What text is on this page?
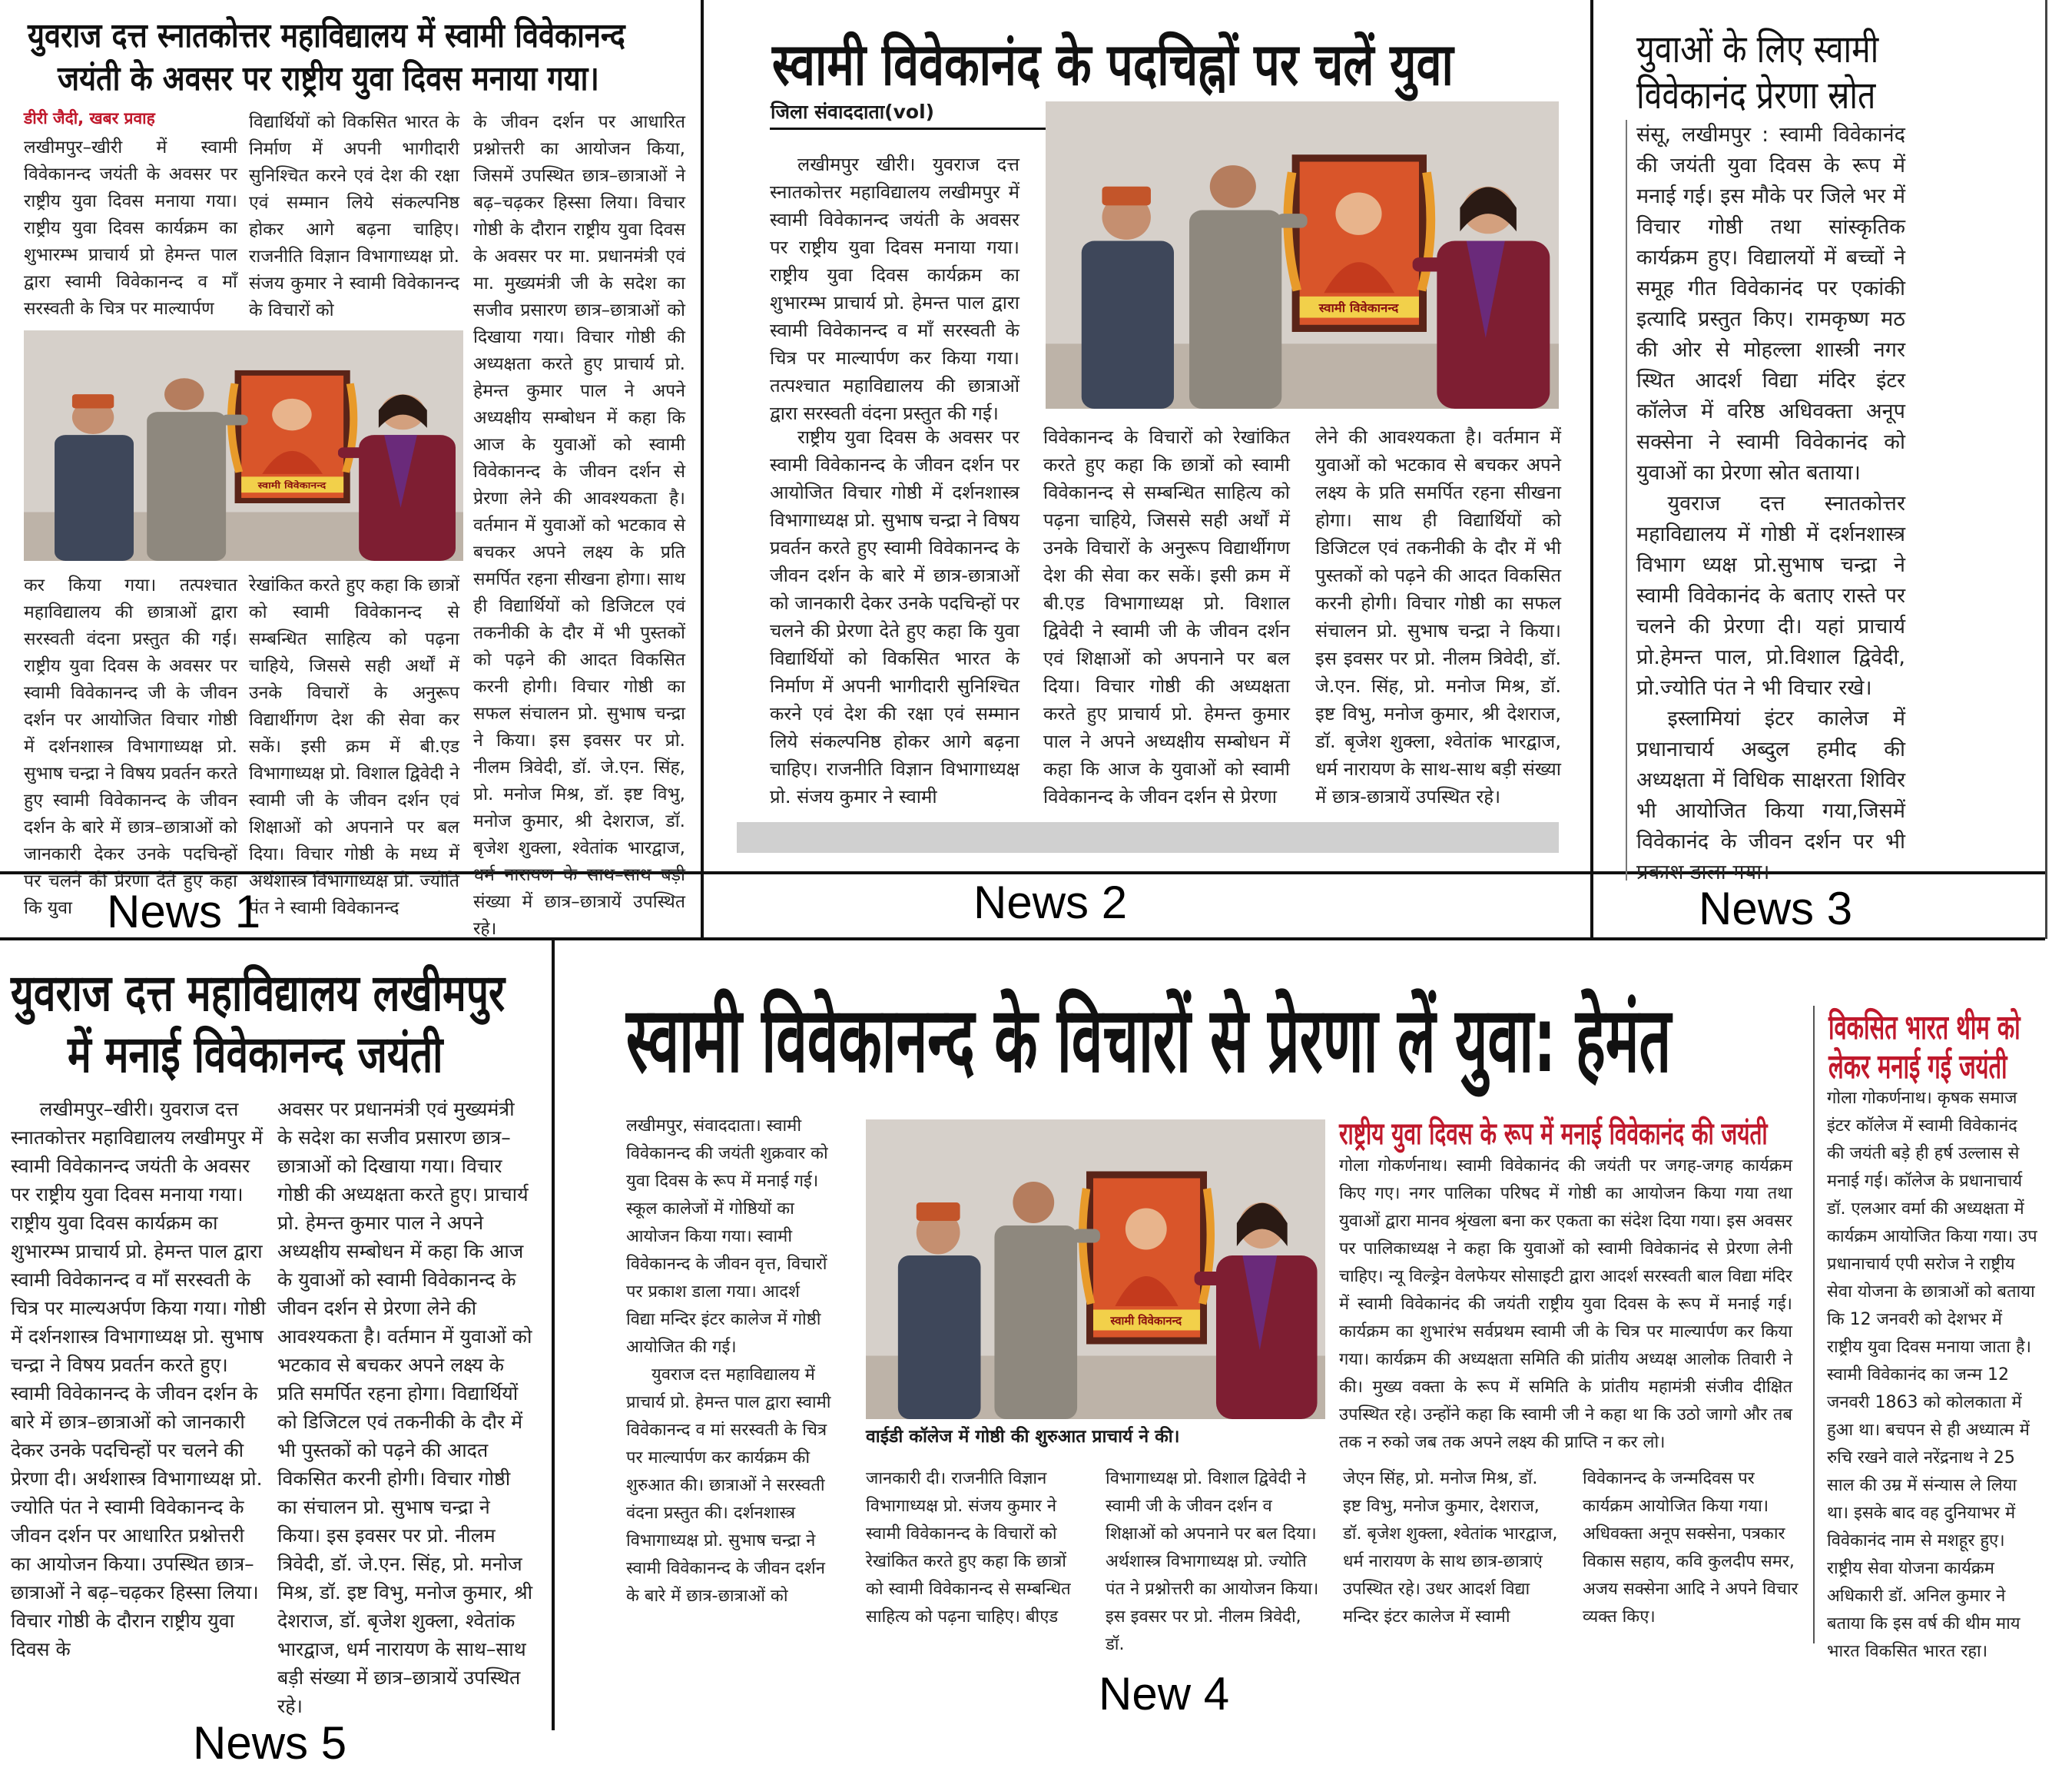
युवराज दत्त स्नातकोत्तर महाविद्यालय में स्वामी विवेकानन्द
जयंती के अवसर पर राष्ट्रीय युवा दिवस मनाया गया।
डीरी जैदी, खबर प्रवाह
लखीमपुर–खीरी में स्वामी विवेकानन्द जयंती के अवसर पर राष्ट्रीय युवा दिवस मनाया गया। राष्ट्रीय युवा दिवस कार्यक्रम का शुभारम्भ प्राचार्य प्रो हेमन्त पाल द्वारा स्वामी विवेकानन्द व माँ सरस्वती के चित्र पर माल्यार्पण
विद्यार्थियों को विकसित भारत के निर्माण में अपनी भागीदारी सुनिश्चित करने एवं देश की रक्षा एवं सम्मान लिये संकल्पनिष्ठ होकर आगे बढ़ना चाहिए। राजनीति विज्ञान विभागाध्यक्ष प्रो. संजय कुमार ने स्वामी विवेकानन्द के विचारों को
के जीवन दर्शन पर आधारित प्रश्नोत्तरी का आयोजन किया, जिसमें उपस्थित छात्र–छात्राओं ने बढ़–चढ़कर हिस्सा लिया। विचार गोष्ठी के दौरान राष्ट्रीय युवा दिवस के अवसर पर मा. प्रधानमंत्री एवं मा. मुख्यमंत्री जी के सदेश का सजीव प्रसारण छात्र–छात्राओं को दिखाया गया। विचार गोष्ठी की अध्यक्षता करते हुए प्राचार्य प्रो. हेमन्त कुमार पाल ने अपने अध्यक्षीय सम्बोधन में कहा कि आज के युवाओं को स्वामी विवेकानन्द के जीवन दर्शन से प्रेरणा लेने की आवश्यकता है। वर्तमान में युवाओं को भटकाव से बचकर अपने लक्ष्य के प्रति समर्पित रहना सीखना होगा। साथ ही विद्यार्थियों को डिजिटल एवं तकनीकी के दौर में भी पुस्तकों को पढ़ने की आदत विकसित करनी होगी। विचार गोष्ठी का सफल संचालन प्रो. सुभाष चन्द्रा ने किया। इस इवसर पर प्रो. नीलम त्रिवेदी, डॉ. जे.एन. सिंह, प्रो. मनोज मिश्र, डॉ. इष्ट विभु, मनोज कुमार, श्री देशराज, डॉ. बृजेश शुक्ला, श्वेतांक भारद्वाज, धर्म नारायण के साथ–साथ बड़ी संख्या में छात्र–छात्रायें उपस्थित रहे।
स्वामी विवेकानन्द
कर किया गया। तत्पश्चात महाविद्यालय की छात्राओं द्वारा सरस्वती वंदना प्रस्तुत की गई। राष्ट्रीय युवा दिवस के अवसर पर स्वामी विवेकानन्द जी के जीवन दर्शन पर आयोजित विचार गोष्ठी में दर्शनशास्त्र विभागाध्यक्ष प्रो. सुभाष चन्द्रा ने विषय प्रवर्तन करते हुए स्वामी विवेकानन्द के जीवन दर्शन के बारे में छात्र–छात्राओं को जानकारी देकर उनके पदचिन्हों पर चलने की प्रेरणा देते हुए कहा कि युवा
रेखांकित करते हुए कहा कि छात्रों को स्वामी विवेकानन्द से सम्बन्धित साहित्य को पढ़ना चाहिये, जिससे सही अर्थों में उनके विचारों के अनुरूप विद्यार्थीगण देश की सेवा कर सकें। इसी क्रम में बी.एड विभागाध्यक्ष प्रो. विशाल द्विवेदी ने स्वामी जी के जीवन दर्शन एवं शिक्षाओं को अपनाने पर बल दिया। विचार गोष्ठी के मध्य में अर्थशास्त्र विभागाध्यक्ष प्रो. ज्योति पंत ने स्वामी विवेकानन्द
News 1
स्वामी विवेकानंद के पदचिह्नों पर चलें युवा
जिला संवाददाता(vol)
लखीमपुर खीरी। युवराज दत्त स्नातकोत्तर महाविद्यालय लखीमपुर में स्वामी विवेकानन्द जयंती के अवसर पर राष्ट्रीय युवा दिवस मनाया गया।राष्ट्रीय युवा दिवस कार्यक्रम का शुभारम्भ प्राचार्य प्रो. हेमन्त पाल द्वारा स्वामी विवेकानन्द व माँ सरस्वती के चित्र पर माल्यार्पण कर किया गया। तत्पश्चात महाविद्यालय की छात्राओं द्वारा सरस्वती वंदना प्रस्तुत की गई।
स्वामी विवेकानन्द
राष्ट्रीय युवा दिवस के अवसर पर स्वामी विवेकानन्द के जीवन दर्शन पर आयोजित विचार गोष्ठी में दर्शनशास्त्र विभागाध्यक्ष प्रो. सुभाष चन्द्रा ने विषय प्रवर्तन करते हुए स्वामी विवेकानन्द के जीवन दर्शन के बारे में छात्र-छात्राओं को जानकारी देकर उनके पदचिन्हों पर चलने की प्रेरणा देते हुए कहा कि युवा विद्यार्थियों को विकसित भारत के निर्माण में अपनी भागीदारी सुनिश्चित करने एवं देश की रक्षा एवं सम्मान लिये संकल्पनिष्ठ होकर आगे बढ़ना चाहिए। राजनीति विज्ञान विभागाध्यक्ष प्रो. संजय कुमार ने स्वामी
विवेकानन्द के विचारों को रेखांकित करते हुए कहा कि छात्रों को स्वामी विवेकानन्द से सम्बन्धित साहित्य को पढ़ना चाहिये, जिससे सही अर्थों में उनके विचारों के अनुरूप विद्यार्थीगण देश की सेवा कर सकें। इसी क्रम में बी.एड विभागाध्यक्ष प्रो. विशाल द्विवेदी ने स्वामी जी के जीवन दर्शन एवं शिक्षाओं को अपनाने पर बल दिया। विचार गोष्ठी की अध्यक्षता करते हुए प्राचार्य प्रो. हेमन्त कुमार पाल ने अपने अध्यक्षीय सम्बोधन में कहा कि आज के युवाओं को स्वामी विवेकानन्द के जीवन दर्शन से प्रेरणा
लेने की आवश्यकता है। वर्तमान में युवाओं को भटकाव से बचकर अपने लक्ष्य के प्रति समर्पित रहना सीखना होगा। साथ ही विद्यार्थियों को डिजिटल एवं तकनीकी के दौर में भी पुस्तकों को पढ़ने की आदत विकसित करनी होगी। विचार गोष्ठी का सफल संचालन प्रो. सुभाष चन्द्रा ने किया। इस इवसर पर प्रो. नीलम त्रिवेदी, डॉ. जे.एन. सिंह, प्रो. मनोज मिश्र, डॉ. इष्ट विभु, मनोज कुमार, श्री देशराज, डॉ. बृजेश शुक्ला, श्वेतांक भारद्वाज, धर्म नारायण के साथ-साथ बड़ी संख्या में छात्र-छात्रायें उपस्थित रहे।
News 2
युवाओं के लिए स्वामी
विवेकानंद प्रेरणा स्रोत

संसू, लखीमपुर : स्वामी विवेकानंद की जयंती युवा दिवस के रूप में मनाई गई। इस मौके पर जिले भर में विचार गोष्ठी तथा सांस्कृतिक कार्यक्रम हुए। विद्यालयों में बच्चों ने समूह गीत विवेकानंद पर एकांकी इत्यादि प्रस्तुत किए। रामकृष्ण मठ की ओर से मोहल्ला शास्त्री नगर स्थित आदर्श विद्या मंदिर इंटर कॉलेज में वरिष्ठ अधिवक्ता अनूप सक्सेना ने स्वामी विवेकानंद को युवाओं का प्रेरणा स्रोत बताया।

युवराज दत्त स्नातकोत्तर महाविद्यालय में गोष्ठी में दर्शनशास्त्र विभाग ध्यक्ष प्रो.सुभाष चन्द्रा ने स्वामी विवेकानंद के बताए रास्ते पर चलने की प्रेरणा दी। यहां प्राचार्य प्रो.हेमन्त पाल, प्रो.विशाल द्विवेदी, प्रो.ज्योति पंत ने भी विचार रखे।

इस्लामियां इंटर कालेज में प्रधानाचार्य अब्दुल हमीद की अध्यक्षता में विधिक साक्षरता शिविर भी आयोजित किया गया,जिसमें विवेकानंद के जीवन दर्शन पर भी प्रकाश डाला गया।

News 3
युवराज दत्त महाविद्यालय लखीमपुर
में मनाई विवेकानन्द जयंती
लखीमपुर–खीरी। युवराज दत्त स्नातकोत्तर महाविद्यालय लखीमपुर में स्वामी विवेकानन्द जयंती के अवसर पर राष्ट्रीय युवा दिवस मनाया गया। राष्ट्रीय युवा दिवस कार्यक्रम का शुभारम्भ प्राचार्य प्रो. हेमन्त पाल द्वारा स्वामी विवेकानन्द व माँ सरस्वती के चित्र पर माल्यअर्पण किया गया। गोष्ठी में दर्शनशास्त्र विभागाध्यक्ष प्रो. सुभाष चन्द्रा ने विषय प्रवर्तन करते हुए। स्वामी विवेकानन्द के जीवन दर्शन के बारे में छात्र–छात्राओं को जानकारी देकर उनके पदचिन्हों पर चलने की प्रेरणा दी। अर्थशास्त्र विभागाध्यक्ष प्रो. ज्योति पंत ने स्वामी विवेकानन्द के जीवन दर्शन पर आधारित प्रश्नोत्तरी का आयोजन किया। उपस्थित छात्र–छात्राओं ने बढ़–चढ़कर हिस्सा लिया। विचार गोष्ठी के दौरान राष्ट्रीय युवा दिवस के
अवसर पर प्रधानमंत्री एवं मुख्यमंत्री के सदेश का सजीव प्रसारण छात्र–छात्राओं को दिखाया गया। विचार गोष्ठी की अध्यक्षता करते हुए। प्राचार्य प्रो. हेमन्त कुमार पाल ने अपने अध्यक्षीय सम्बोधन में कहा कि आज के युवाओं को स्वामी विवेकानन्द के जीवन दर्शन से प्रेरणा लेने की आवश्यकता है। वर्तमान में युवाओं को भटकाव से बचकर अपने लक्ष्य के प्रति समर्पित रहना होगा। विद्यार्थियों को डिजिटल एवं तकनीकी के दौर में भी पुस्तकों को पढ़ने की आदत विकसित करनी होगी। विचार गोष्ठी का संचालन प्रो. सुभाष चन्द्रा ने किया। इस इवसर पर प्रो. नीलम त्रिवेदी, डॉ. जे.एन. सिंह, प्रो. मनोज मिश्र, डॉ. इष्ट विभु, मनोज कुमार, श्री देशराज, डॉ. बृजेश शुक्ला, श्वेतांक भारद्वाज, धर्म नारायण के साथ–साथ बड़ी संख्या में छात्र–छात्रायें उपस्थित रहे।
News 5
स्वामी विवेकानन्द के विचारों से प्रेरणा लें युवा: हेमंत

लखीमपुर, संवाददाता। स्वामी विवेकानन्द की जयंती शुक्रवार को युवा दिवस के रूप में मनाई गई। स्कूल कालेजों में गोष्ठियों का आयोजन किया गया। स्वामी विवेकानन्द के जीवन वृत्त, विचारों पर प्रकाश डाला गया। आदर्श विद्या मन्दिर इंटर कालेज में गोष्ठी आयोजित की गई।

युवराज दत्त महाविद्यालय में प्राचार्य प्रो. हेमन्त पाल द्वारा स्वामी विवेकानन्द व मां सरस्वती के चित्र पर माल्यार्पण कर कार्यक्रम की शुरुआत की। छात्राओं ने सरस्वती वंदना प्रस्तुत की। दर्शनशास्त्र विभागाध्यक्ष प्रो. सुभाष चन्द्रा ने स्वामी विवेकानन्द के जीवन दर्शन के बारे में छात्र-छात्राओं को

स्वामी विवेकानन्द
वाईडी कॉलेज में गोष्ठी की शुरुआत प्राचार्य ने की।
राष्ट्रीय युवा दिवस के रूप में मनाई विवेकानंद की जयंती
गोला गोकर्णनाथ। स्वामी विवेकानंद की जयंती पर जगह-जगह कार्यक्रम किए गए। नगर पालिका परिषद में गोष्ठी का आयोजन किया गया तथा युवाओं द्वारा मानव श्रृंखला बना कर एकता का संदेश दिया गया। इस अवसर पर पालिकाध्यक्ष ने कहा कि युवाओं को स्वामी विवेकानंद से प्रेरणा लेनी चाहिए। न्यू विल्ड्रेन वेलफेयर सोसाइटी द्वारा आदर्श सरस्वती बाल विद्या मंदिर में स्वामी विवेकानंद की जयंती राष्ट्रीय युवा दिवस के रूप में मनाई गई। कार्यक्रम का शुभारंभ सर्वप्रथम स्वामी जी के चित्र पर माल्यार्पण कर किया गया। कार्यक्रम की अध्यक्षता समिति की प्रांतीय अध्यक्ष आलोक तिवारी ने की। मुख्य वक्ता के रूप में समिति के प्रांतीय महामंत्री संजीव दीक्षित उपस्थित रहे। उन्होंने कहा कि स्वामी जी ने कहा था कि उठो जागो और तब तक न रुको जब तक अपने लक्ष्य की प्राप्ति न कर लो।
जानकारी दी। राजनीति विज्ञान विभागाध्यक्ष प्रो. संजय कुमार ने स्वामी विवेकानन्द के विचारों को रेखांकित करते हुए कहा कि छात्रों को स्वामी विवेकानन्द से सम्बन्धित साहित्य को पढ़ना चाहिए। बीएड
विभागाध्यक्ष प्रो. विशाल द्विवेदी ने स्वामी जी के जीवन दर्शन व शिक्षाओं को अपनाने पर बल दिया। अर्थशास्त्र विभागाध्यक्ष प्रो. ज्योति पंत ने प्रश्नोत्तरी का आयोजन किया। इस इवसर पर प्रो. नीलम त्रिवेदी, डॉ.
जेएन सिंह, प्रो. मनोज मिश्र, डॉ. इष्ट विभु, मनोज कुमार, देशराज, डॉ. बृजेश शुक्ला, श्वेतांक भारद्वाज, धर्म नारायण के साथ छात्र-छात्राएं उपस्थित रहे। उधर आदर्श विद्या मन्दिर इंटर कालेज में स्वामी
विवेकानन्द के जन्मदिवस पर कार्यक्रम आयोजित किया गया। अधिवक्ता अनूप सक्सेना, पत्रकार विकास सहाय, कवि कुलदीप समर, अजय सक्सेना आदि ने अपने विचार व्यक्त किए।
विकसित भारत थीम को
लेकर मनाई गई जयंती
गोला गोकर्णनाथ। कृषक समाज इंटर कॉलेज में स्वामी विवेकानंद की जयंती बड़े ही हर्ष उल्लास से मनाई गई। कॉलेज के प्रधानाचार्य डॉ. एलआर वर्मा की अध्यक्षता में कार्यक्रम आयोजित किया गया। उप प्रधानाचार्य एपी सरोज ने राष्ट्रीय सेवा योजना के छात्राओं को बताया कि 12 जनवरी को देशभर में राष्ट्रीय युवा दिवस मनाया जाता है। स्वामी विवेकानंद का जन्म 12 जनवरी 1863 को कोलकाता में हुआ था। बचपन से ही अध्यात्म में रुचि रखने वाले नरेंद्रनाथ ने 25 साल की उम्र में संन्यास ले लिया था। इसके बाद वह दुनियाभर में विवेकानंद नाम से मशहूर हुए। राष्ट्रीय सेवा योजना कार्यक्रम अधिकारी डॉ. अनिल कुमार ने बताया कि इस वर्ष की थीम माय भारत विकसित भारत रहा।
New 4
